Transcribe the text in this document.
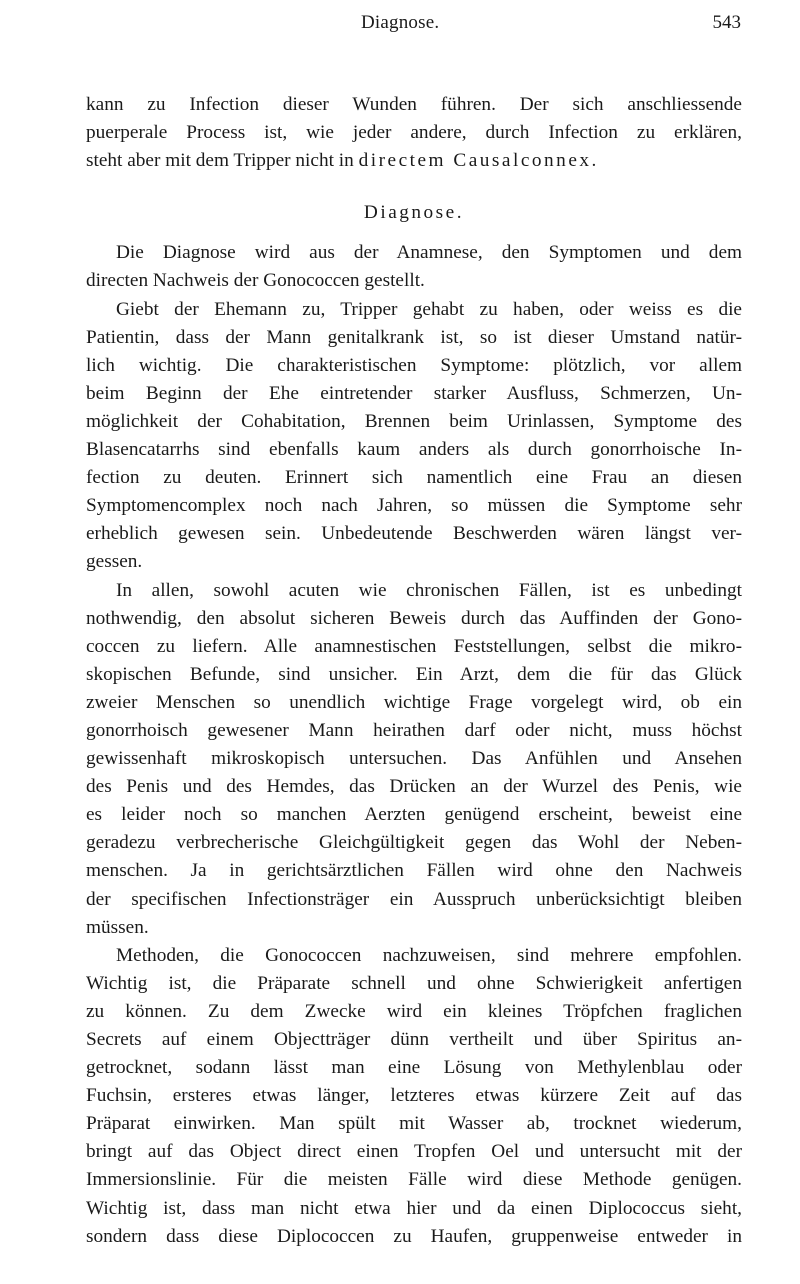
Diagnose.	543
kann zu Infection dieser Wunden führen. Der sich anschliessende
puerperale Process ist, wie jeder andere, durch Infection zu erklären,
steht aber mit dem Tripper nicht in directem Causalconnex.
Diagnose.
Die Diagnose wird aus der Anamnese, den Symptomen und dem
directen Nachweis der Gonococcen gestellt.
Giebt der Ehemann zu, Tripper gehabt zu haben, oder weiss es die
Patientin, dass der Mann genitalkrank ist, so ist dieser Umstand natür-
lich wichtig. Die charakteristischen Symptome: plötzlich, vor allem
beim Beginn der Ehe eintretender starker Ausfluss, Schmerzen, Un-
möglichkeit der Cohabitation, Brennen beim Urinlassen, Symptome des
Blasencatarrhs sind ebenfalls kaum anders als durch gonorrhoische In-
fection zu deuten. Erinnert sich namentlich eine Frau an diesen
Symptomencomplex noch nach Jahren, so müssen die Symptome sehr
erheblich gewesen sein. Unbedeutende Beschwerden wären längst ver-
gessen.
In allen, sowohl acuten wie chronischen Fällen, ist es unbedingt
nothwendig, den absolut sicheren Beweis durch das Auffinden der Gono-
coccen zu liefern. Alle anamnestischen Feststellungen, selbst die mikro-
skopischen Befunde, sind unsicher. Ein Arzt, dem die für das Glück
zweier Menschen so unendlich wichtige Frage vorgelegt wird, ob ein
gonorrhoisch gewesener Mann heirathen darf oder nicht, muss höchst
gewissenhaft mikroskopisch untersuchen. Das Anfühlen und Ansehen
des Penis und des Hemdes, das Drücken an der Wurzel des Penis, wie
es leider noch so manchen Aerzten genügend erscheint, beweist eine
geradezu verbrecherische Gleichgültigkeit gegen das Wohl der Neben-
menschen. Ja in gerichtsärztlichen Fällen wird ohne den Nachweis
der specifischen Infectionsträger ein Ausspruch unberücksichtigt bleiben
müssen.
Methoden, die Gonococcen nachzuweisen, sind mehrere empfohlen.
Wichtig ist, die Präparate schnell und ohne Schwierigkeit anfertigen
zu können. Zu dem Zwecke wird ein kleines Tröpfchen fraglichen
Secrets auf einem Objectträger dünn vertheilt und über Spiritus an-
getrocknet, sodann lässt man eine Lösung von Methylenblau oder
Fuchsin, ersteres etwas länger, letzteres etwas kürzere Zeit auf das
Präparat einwirken. Man spült mit Wasser ab, trocknet wiederum,
bringt auf das Object direct einen Tropfen Oel und untersucht mit der
Immersionslinie. Für die meisten Fälle wird diese Methode genügen.
Wichtig ist, dass man nicht etwa hier und da einen Diplococcus sieht,
sondern dass diese Diplococcen zu Haufen, gruppenweise entweder in
